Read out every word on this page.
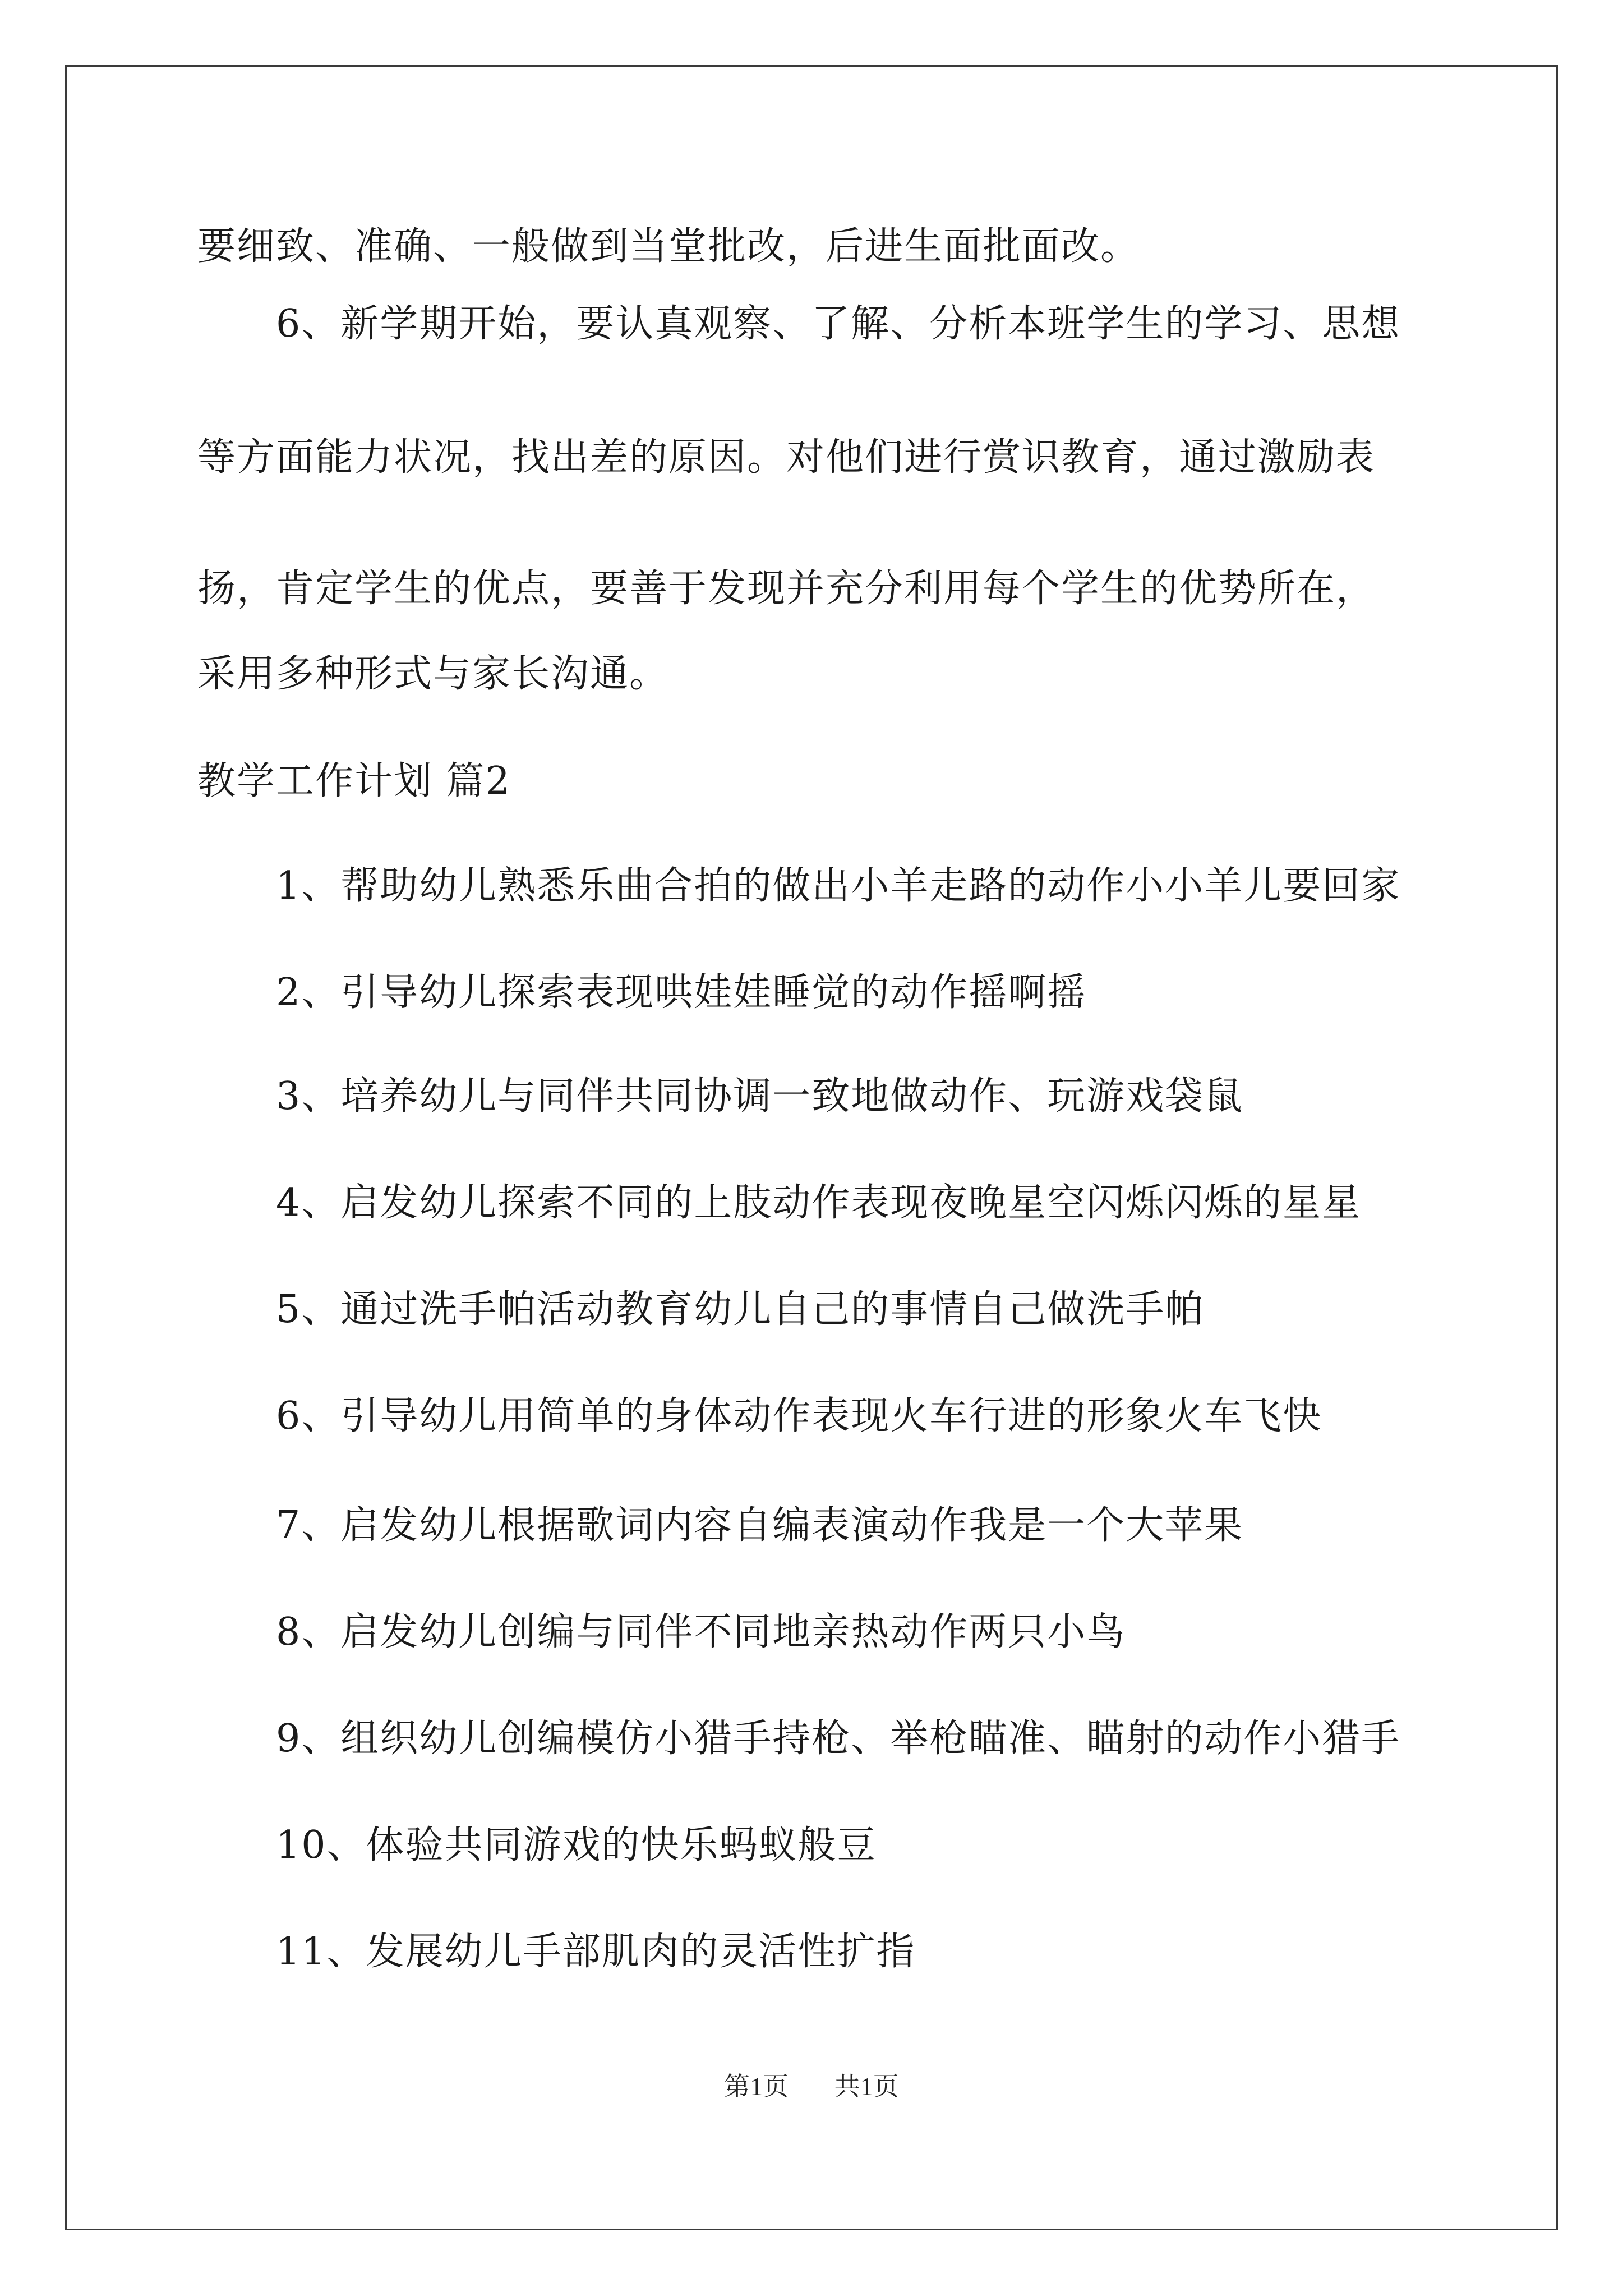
要细致、准确、一般做到当堂批改，后进生面批面改。
6、新学期开始，要认真观察、了解、分析本班学生的学习、思想
等方面能力状况，找出差的原因。对他们进行赏识教育，通过激励表
扬，肯定学生的优点，要善于发现并充分利用每个学生的优势所在，
采用多种形式与家长沟通。
教学工作计划 篇2
1、帮助幼儿熟悉乐曲合拍的做出小羊走路的动作小小羊儿要回家
2、引导幼儿探索表现哄娃娃睡觉的动作摇啊摇
3、培养幼儿与同伴共同协调一致地做动作、玩游戏袋鼠
4、启发幼儿探索不同的上肢动作表现夜晚星空闪烁闪烁的星星
5、通过洗手帕活动教育幼儿自己的事情自己做洗手帕
6、引导幼儿用简单的身体动作表现火车行进的形象火车飞快
7、启发幼儿根据歌词内容自编表演动作我是一个大苹果
8、启发幼儿创编与同伴不同地亲热动作两只小鸟
9、组织幼儿创编模仿小猎手持枪、举枪瞄准、瞄射的动作小猎手
10、体验共同游戏的快乐蚂蚁般豆
11、发展幼儿手部肌肉的灵活性扩指
第1页 共1页
